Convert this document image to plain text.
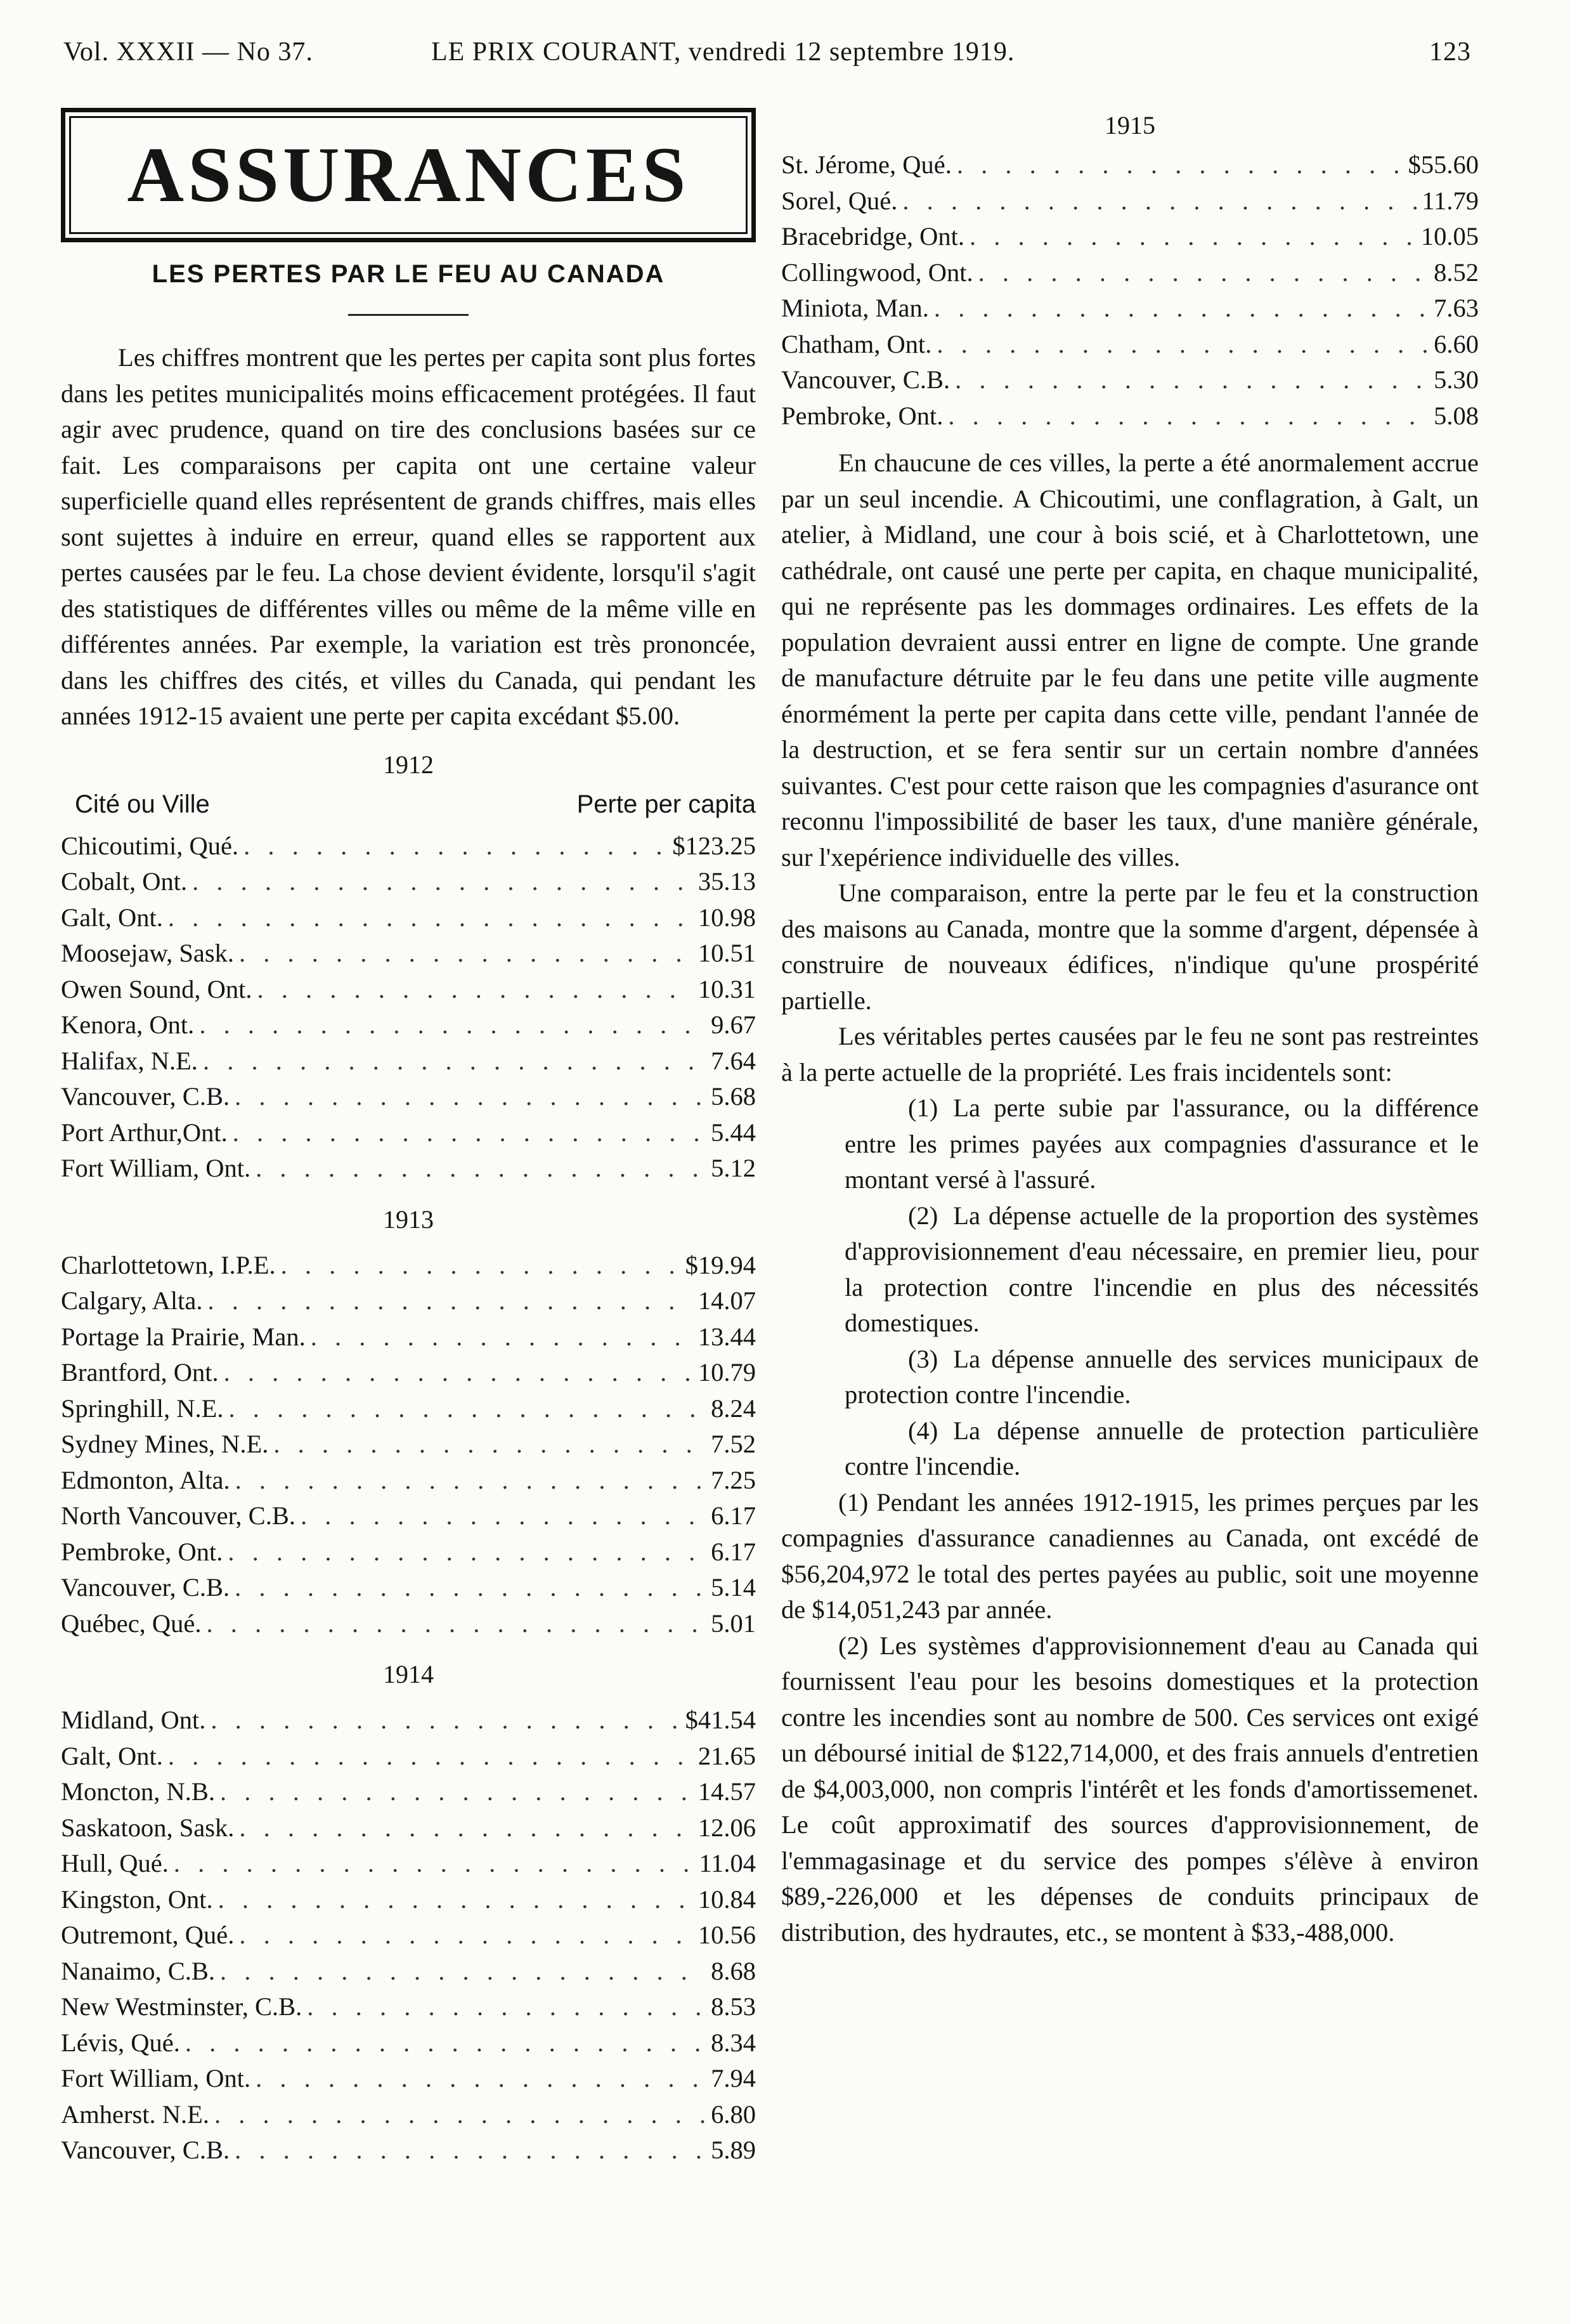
Vol. XXXII — No 37.	LE PRIX COURANT, vendredi 12 septembre 1919.	123
ASSURANCES
LES PERTES PAR LE FEU AU CANADA

Les chiffres montrent que les pertes per capita sont plus fortes dans les petites municipalités moins efficacement protégées. Il faut agir avec prudence, quand on tire des conclusions basées sur ce fait. Les comparaisons per capita ont une certaine valeur superficielle quand elles représentent de grands chiffres, mais elles sont sujettes à induire en erreur, quand elles se rapportent aux pertes causées par le feu. La chose devient évidente, lorsqu'il s'agit des statistiques de différentes villes ou même de la même ville en différentes années. Par exemple, la variation est très prononcée, dans les chiffres des cités, et villes du Canada, qui pendant les années 1912-15 avaient une perte per capita excédant $5.00.

1912
Cité ou Ville	Perte per capita
Chicoutimi, Qué. . . .	$123.25
Cobalt, Ont. . . .	35.13
Galt, Ont. . . .	10.98
Moosejaw, Sask. . . .	10.51
Owen Sound, Ont. . . .	10.31
Kenora, Ont. . . .	9.67
Halifax, N.E. . . .	7.64
Vancouver, C.B. . . .	5.68
Port Arthur,Ont. . . .	5.44
Fort William, Ont. . . .	5.12
1913
Charlottetown, I.P.E. . . .	$19.94
Calgary, Alta. . . .	14.07
Portage la Prairie, Man. . . .	13.44
Brantford, Ont. . . .	10.79
Springhill, N.E. . . .	8.24
Sydney Mines, N.E. . . .	7.52
Edmonton, Alta. . . .	7.25
North Vancouver, C.B. . . .	6.17
Pembroke, Ont. . . .	6.17
Vancouver, C.B. . . .	5.14
Québec, Qué. . . .	5.01
1914
Midland, Ont. . . .	$41.54
Galt, Ont. . . .	21.65
Moncton, N.B. . . .	14.57
Saskatoon, Sask. . . .	12.06
Hull, Qué. . . .	11.04
Kingston, Ont. . . .	10.84
Outremont, Qué. . . .	10.56
Nanaimo, C.B. . . .	8.68
New Westminster, C.B. . . .	8.53
Lévis, Qué. . . .	8.34
Fort William, Ont. . . .	7.94
Amherst. N.E. . . .	6.80
Vancouver, C.B. . . .	5.89
1915
St. Jérome, Qué. . . .	$55.60
Sorel, Qué. . . .	11.79
Bracebridge, Ont. . . .	10.05
Collingwood, Ont. . . .	8.52
Miniota, Man. . . .	7.63
Chatham, Ont. . . .	6.60
Vancouver, C.B. . . .	5.30
Pembroke, Ont. . . .	5.08

En chaucune de ces villes, la perte a été anormalement accrue par un seul incendie. A Chicoutimi, une conflagration, à Galt, un atelier, à Midland, une cour à bois scié, et à Charlottetown, une cathédrale, ont causé une perte per capita, en chaque municipalité, qui ne représente pas les dommages ordinaires. Les effets de la population devraient aussi entrer en ligne de compte. Une grande de manufacture détruite par le feu dans une petite ville augmente énormément la perte per capita dans cette ville, pendant l'année de la destruction, et se fera sentir sur un certain nombre d'années suivantes. C'est pour cette raison que les compagnies d'asurance ont reconnu l'impossibilité de baser les taux, d'une manière générale, sur l'xepérience individuelle des villes.

Une comparaison, entre la perte par le feu et la construction des maisons au Canada, montre que la somme d'argent, dépensée à construire de nouveaux édifices, n'indique qu'une prospérité partielle.

Les véritables pertes causées par le feu ne sont pas restreintes à la perte actuelle de la propriété. Les frais incidentels sont:

(1) La perte subie par l'assurance, ou la différence entre les primes payées aux compagnies d'assurance et le montant versé à l'assuré.

(2) La dépense actuelle de la proportion des systèmes d'approvisionnement d'eau nécessaire, en premier lieu, pour la protection contre l'incendie en plus des nécessités domestiques.

(3) La dépense annuelle des services municipaux de protection contre l'incendie.

(4) La dépense annuelle de protection particulière contre l'incendie.

(1) Pendant les années 1912-1915, les primes perçues par les compagnies d'assurance canadiennes au Canada, ont excédé de $56,204,972 le total des pertes payées au public, soit une moyenne de $14,051,243 par année.

(2) Les systèmes d'approvisionnement d'eau au Canada qui fournissent l'eau pour les besoins domestiques et la protection contre les incendies sont au nombre de 500. Ces services ont exigé un déboursé initial de $122,714,000, et des frais annuels d'entretien de $4,003,000, non compris l'intérêt et les fonds d'amortissemenet. Le coût approximatif des sources d'approvisionnement, de l'emmagasinage et du service des pompes s'élève à environ $89,-226,000 et les dépenses de conduits principaux de distribution, des hydrautes, etc., se montent à $33,-488,000.
